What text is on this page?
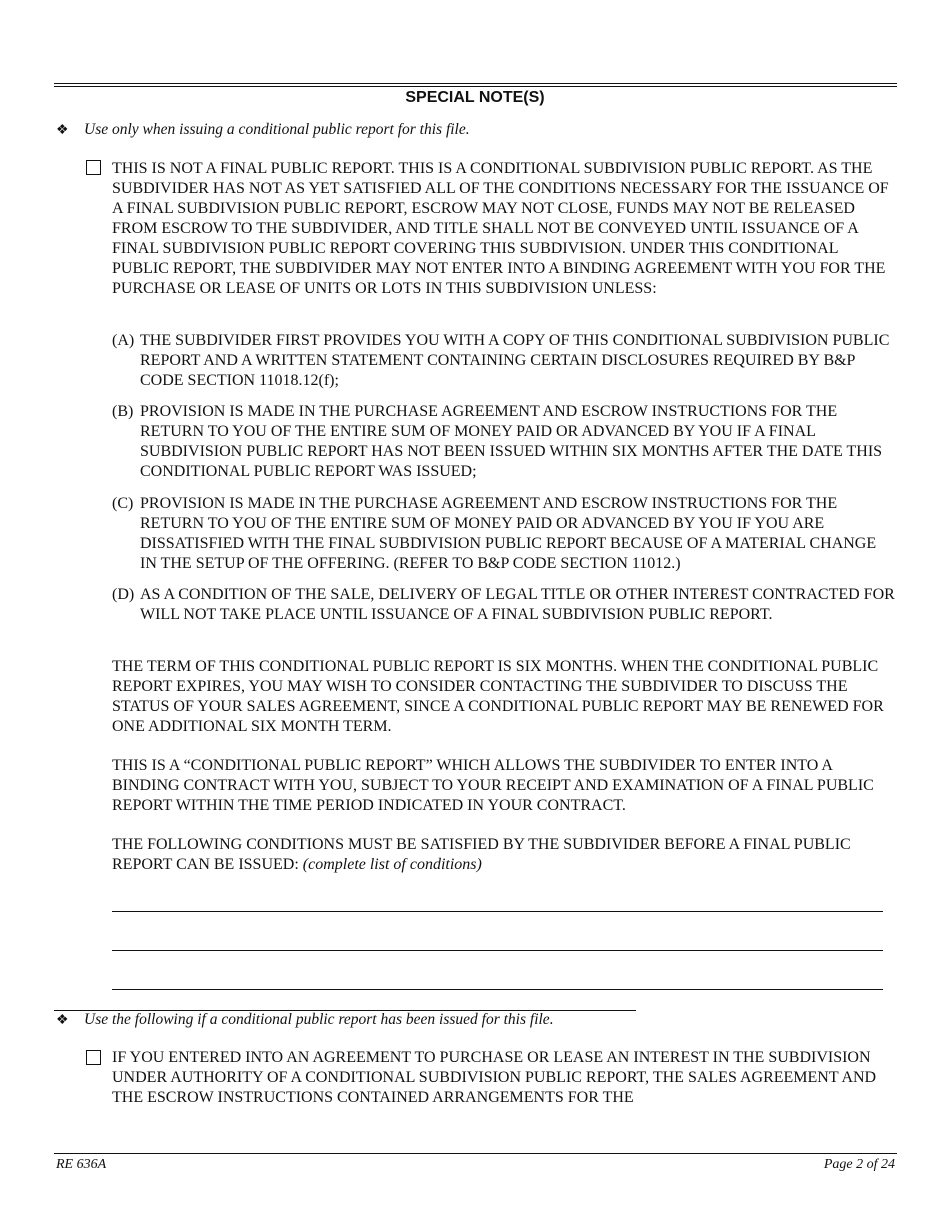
SPECIAL NOTE(S)
❖ Use only when issuing a conditional public report for this file.

THIS IS NOT A FINAL PUBLIC REPORT. THIS IS A CONDITIONAL SUBDIVISION PUBLIC REPORT. AS THE SUBDIVIDER HAS NOT AS YET SATISFIED ALL OF THE CONDITIONS NECESSARY FOR THE ISSUANCE OF A FINAL SUBDIVISION PUBLIC REPORT, ESCROW MAY NOT CLOSE, FUNDS MAY NOT BE RELEASED FROM ESCROW TO THE SUBDIVIDER, AND TITLE SHALL NOT BE CONVEYED UNTIL ISSUANCE OF A FINAL SUBDIVISION PUBLIC REPORT COVERING THIS SUBDIVISION. UNDER THIS CONDITIONAL PUBLIC REPORT, THE SUBDIVIDER MAY NOT ENTER INTO A BINDING AGREEMENT WITH YOU FOR THE PURCHASE OR LEASE OF UNITS OR LOTS IN THIS SUBDIVISION UNLESS:

(A) THE SUBDIVIDER FIRST PROVIDES YOU WITH A COPY OF THIS CONDITIONAL SUBDIVISION PUBLIC REPORT AND A WRITTEN STATEMENT CONTAINING CERTAIN DISCLOSURES REQUIRED BY B&P CODE SECTION 11018.12(f);

(B) PROVISION IS MADE IN THE PURCHASE AGREEMENT AND ESCROW INSTRUCTIONS FOR THE RETURN TO YOU OF THE ENTIRE SUM OF MONEY PAID OR ADVANCED BY YOU IF A FINAL SUBDIVISION PUBLIC REPORT HAS NOT BEEN ISSUED WITHIN SIX MONTHS AFTER THE DATE THIS CONDITIONAL PUBLIC REPORT WAS ISSUED;

(C) PROVISION IS MADE IN THE PURCHASE AGREEMENT AND ESCROW INSTRUCTIONS FOR THE RETURN TO YOU OF THE ENTIRE SUM OF MONEY PAID OR ADVANCED BY YOU IF YOU ARE DISSATISFIED WITH THE FINAL SUBDIVISION PUBLIC REPORT BECAUSE OF A MATERIAL CHANGE IN THE SETUP OF THE OFFERING. (REFER TO B&P CODE SECTION 11012.)

(D) AS A CONDITION OF THE SALE, DELIVERY OF LEGAL TITLE OR OTHER INTEREST CONTRACTED FOR WILL NOT TAKE PLACE UNTIL ISSUANCE OF A FINAL SUBDIVISION PUBLIC REPORT.

THE TERM OF THIS CONDITIONAL PUBLIC REPORT IS SIX MONTHS. WHEN THE CONDITIONAL PUBLIC REPORT EXPIRES, YOU MAY WISH TO CONSIDER CONTACTING THE SUBDIVIDER TO DISCUSS THE STATUS OF YOUR SALES AGREEMENT, SINCE A CONDITIONAL PUBLIC REPORT MAY BE RENEWED FOR ONE ADDITIONAL SIX MONTH TERM.

THIS IS A “CONDITIONAL PUBLIC REPORT” WHICH ALLOWS THE SUBDIVIDER TO ENTER INTO A BINDING CONTRACT WITH YOU, SUBJECT TO YOUR RECEIPT AND EXAMINATION OF A FINAL PUBLIC REPORT WITHIN THE TIME PERIOD INDICATED IN YOUR CONTRACT.

THE FOLLOWING CONDITIONS MUST BE SATISFIED BY THE SUBDIVIDER BEFORE A FINAL PUBLIC REPORT CAN BE ISSUED: (complete list of conditions)

❖ Use the following if a conditional public report has been issued for this file.

IF YOU ENTERED INTO AN AGREEMENT TO PURCHASE OR LEASE AN INTEREST IN THE SUBDIVISION UNDER AUTHORITY OF A CONDITIONAL SUBDIVISION PUBLIC REPORT, THE SALES AGREEMENT AND THE ESCROW INSTRUCTIONS CONTAINED ARRANGEMENTS FOR THE

RE 636A	Page 2 of 24
